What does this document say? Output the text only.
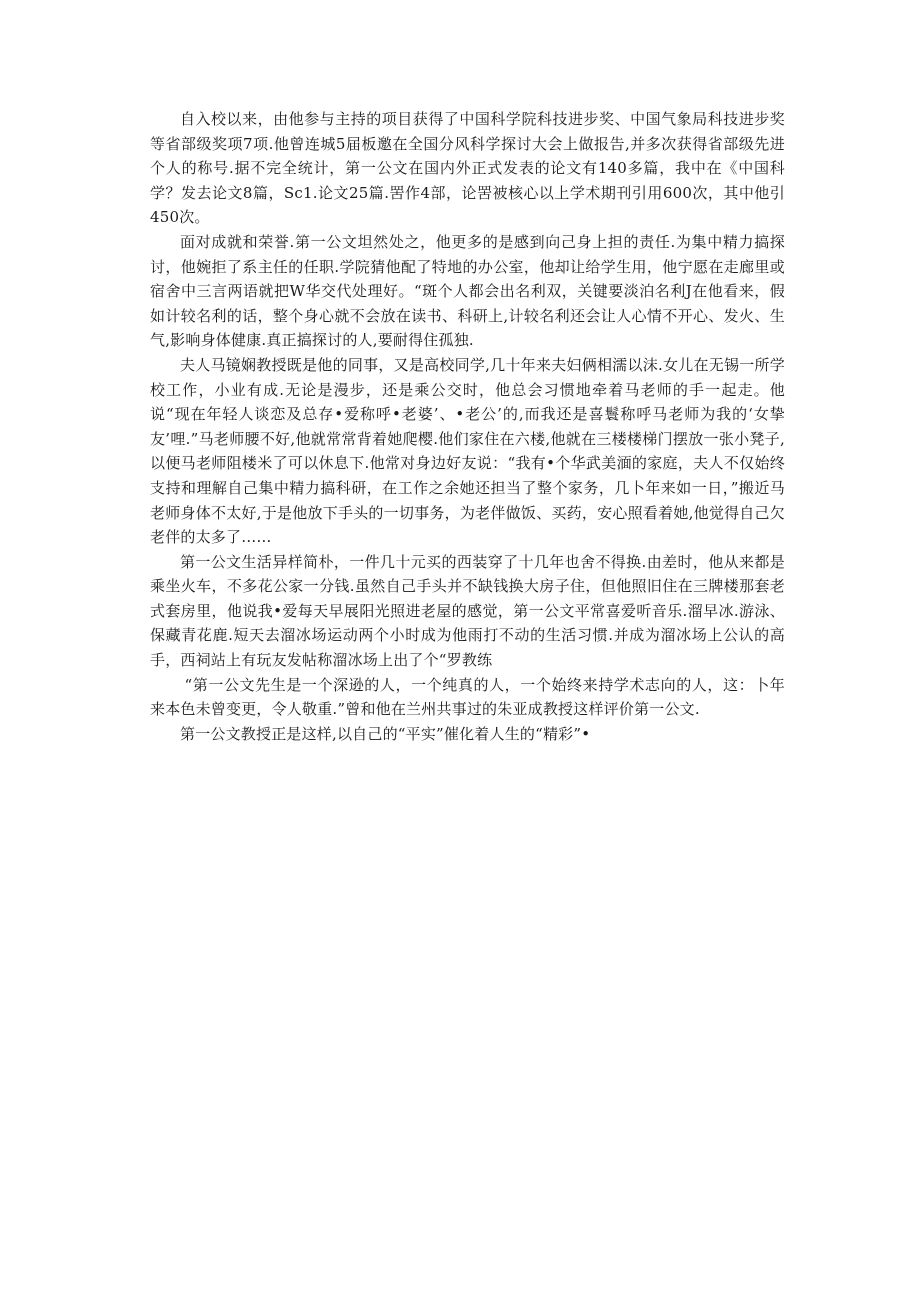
自入校以来，由他参与主持的项目获得了中国科学院科技进步奖、中国气象局科技进步奖等省部级奖项7项.他曾连城5届板邀在全国分风科学探讨大会上做报告,并多次获得省部级先进个人的称号.据不完全统计，第一公文在国内外正式发表的论文有140多篇，我中在《中国科学？发去论文8篇，Sc1.论文25篇.罟作4部，论罟被核心以上学术期刊引用600次，其中他引450次。

面对成就和荣誉.第一公文坦然处之，他更多的是感到向己身上担的责任.为集中精力搞探讨，他婉拒了系主任的任职.学院猜他配了特地的办公室，他却让给学生用，他宁愿在走廊里或宿舍中三言两语就把W华交代处理好。“斑个人都会出名利双，关键要淡泊名利J在他看来，假如计较名利的话，整个身心就不会放在读书、科研上,计较名利还会让人心情不开心、发火、生气,影响身体健康.真正搞探讨的人,要耐得住孤独.

夫人马镜娴教授既是他的同事，又是高校同学,几十年来夫妇俩相濡以沫.女儿在无锡一所学校工作，小业有成.无论是漫步，还是乘公交时，他总会习惯地牵着马老师的手一起走。他说“现在年轻人谈恋及总存•爱称呼•老婆’、•老公’的,而我还是喜鬟称呼马老师为我的‘女挚友’哩.”马老师腰不好,他就常常背着她爬樱.他们家住在六楼,他就在三楼楼梯门摆放一张小凳子,以便马老师阻楼米了可以休息下.他常对身边好友说：“我有•个华武美湎的家庭，夫人不仅始终支持和理解自己集中精力搞科研，在工作之余她还担当了整个家务，几卜年来如一日，”搬近马老师身体不太好,于是他放下手头的一切事务，为老伴做饭、买药，安心照看着她,他觉得自己欠老伴的太多了……

第一公文生活异样简朴，一件几十元买的西装穿了十几年也舍不得换.由差时，他从来都是乘坐火车，不多花公家一分钱.虽然自己手头并不缺钱换大房子住，但他照旧住在三牌楼那套老式套房里，他说我•爱每天早展阳光照进老屋的感觉，第一公文平常喜爱听音乐.溜早冰.游泳、保藏青花鹿.短天去溜冰场运动两个小时成为他雨打不动的生活习惯.并成为溜冰场上公认的高手，西祠站上有玩友发帖称溜冰场上出了个“罗教练

“第一公文先生是一个深逊的人，一个纯真的人，一个始终来持学术志向的人，这：卜年来本色未曾变更，令人敬重.”曾和他在兰州共事过的朱亚成教授这样评价第一公文.

第一公文教授正是这样,以自己的“平实”催化着人生的“精彩”•
